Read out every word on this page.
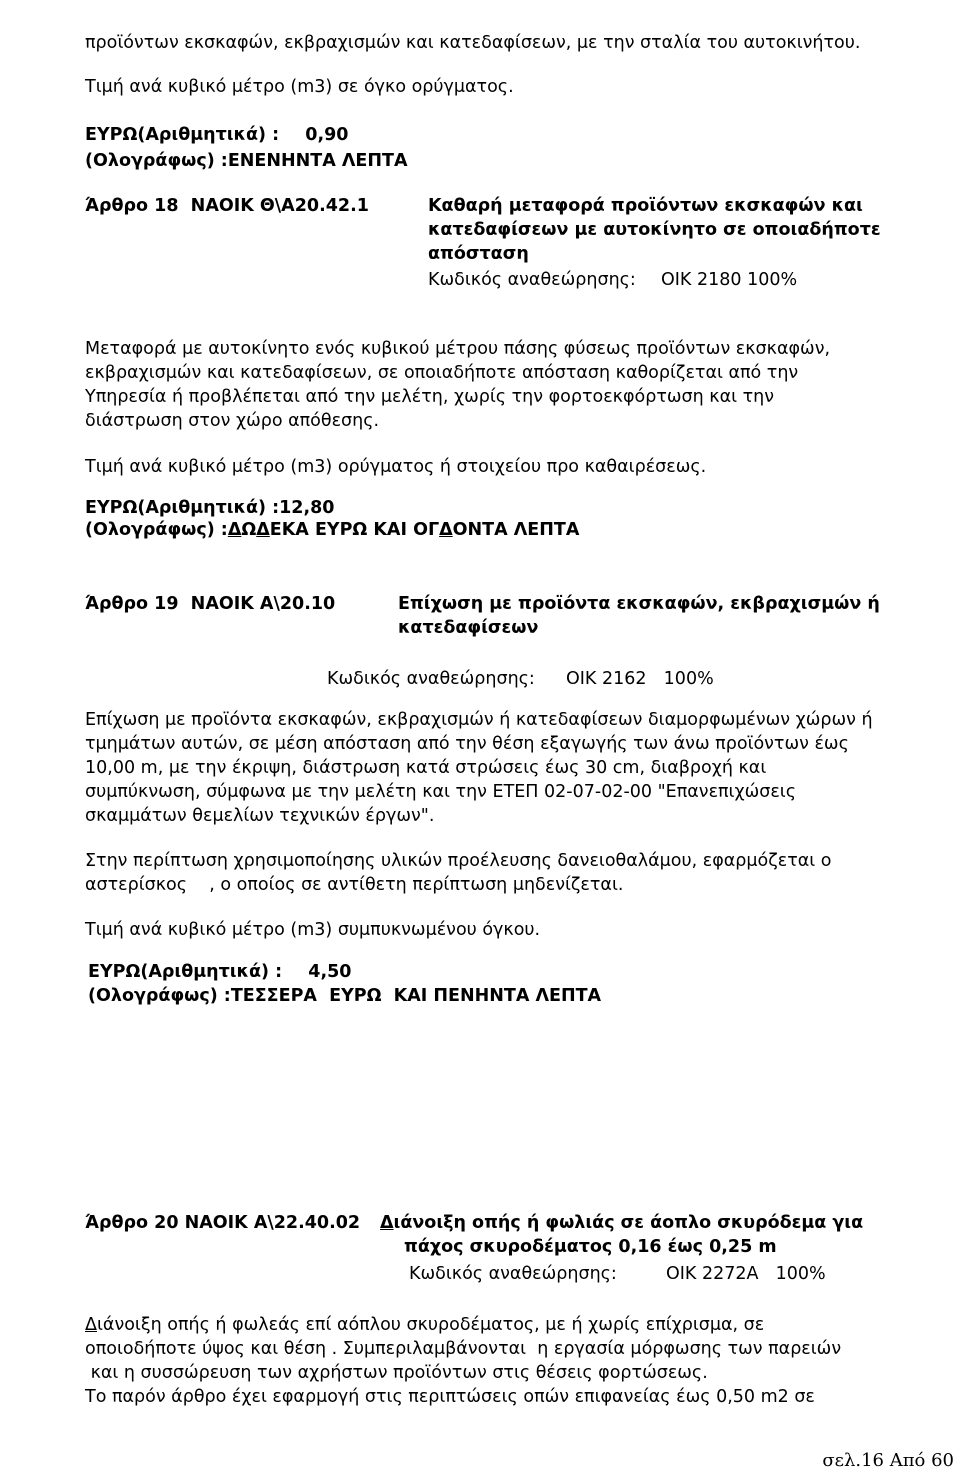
προϊόντων εκσκαφών, εκβραχισμών και κατεδαφίσεων, με την σταλία του αυτοκινήτου.
Τιμή ανά κυβικό μέτρο (m3) σε όγκο ορύγματος.
ΕΥΡΩ(Αριθμητικά) : 0,90
(Ολογράφως) :ΕΝΕΝΗΝΤΑ ΛΕΠΤΑ
Άρθρο 18  ΝΑΟΙΚ Θ\Α20.42.1	Καθαρή μεταφορά προϊόντων εκσκαφών και
κατεδαφίσεων με αυτοκίνητο σε οποιαδήποτε
απόσταση
Κωδικός αναθεώρησης: ΟΙΚ 2180 100%
Μεταφορά με αυτοκίνητο ενός κυβικού μέτρου πάσης φύσεως προϊόντων εκσκαφών,
εκβραχισμών και κατεδαφίσεων, σε οποιαδήποτε απόσταση καθορίζεται από την
Υπηρεσία ή προβλέπεται από την μελέτη, χωρίς την φορτοεκφόρτωση και την
διάστρωση στον χώρο απόθεσης.
Τιμή ανά κυβικό μέτρο (m3) ορύγματος ή στοιχείου προ καθαιρέσεως.
ΕΥΡΩ(Αριθμητικά) :12,80
(Ολογράφως) :ΔΩΔΕΚΑ ΕΥΡΩ ΚΑΙ ΟΓΔΟΝΤΑ ΛΕΠΤΑ
Άρθρο 19  ΝΑΟΙΚ Α\20.10	Επίχωση με προϊόντα εκσκαφών, εκβραχισμών ή
κατεδαφίσεων
Κωδικός αναθεώρησης: ΟΙΚ 2162 100%
Επίχωση με προϊόντα εκσκαφών, εκβραχισμών ή κατεδαφίσεων διαμορφωμένων χώρων ή
τμημάτων αυτών, σε μέση απόσταση από την θέση εξαγωγής των άνω προϊόντων έως
10,00 m, με την έκριψη, διάστρωση κατά στρώσεις έως 30 cm, διαβροχή και
συμπύκνωση, σύμφωνα με την μελέτη και την ΕΤΕΠ 02-07-02-00 "Επανεπιχώσεις
σκαμμάτων θεμελίων τεχνικών έργων".
Στην περίπτωση χρησιμοποίησης υλικών προέλευσης δανειοθαλάμου, εφαρμόζεται ο
αστερίσκος    , ο οποίος σε αντίθετη περίπτωση μηδενίζεται.
Τιμή ανά κυβικό μέτρο (m3) συμπυκνωμένου όγκου.
ΕΥΡΩ(Αριθμητικά) : 4,50
(Ολογράφως) :ΤΕΣΣΕΡΑ  ΕΥΡΩ  ΚΑΙ ΠΕΝΗΝΤΑ ΛΕΠΤΑ
Άρθρο 20 ΝΑΟΙΚ Α\22.40.02 Διάνοιξη οπής ή φωλιάς σε άοπλο σκυρόδεμα για
πάχος σκυροδέματος 0,16 έως 0,25 m
Κωδικός αναθεώρησης:	ΟΙΚ 2272Α 100%
Διάνοιξη οπής ή φωλεάς επί αόπλου σκυροδέματος, με ή χωρίς επίχρισμα, σε
οποιοδήποτε ύψος και θέση . Συμπεριλαμβάνονται  η εργασία μόρφωσης των παρειών
και η συσσώρευση των αχρήστων προϊόντων στις θέσεις φορτώσεως.
Το παρόν άρθρο έχει εφαρμογή στις περιπτώσεις οπών επιφανείας έως 0,50 m2 σε
σελ.16 Από 60
